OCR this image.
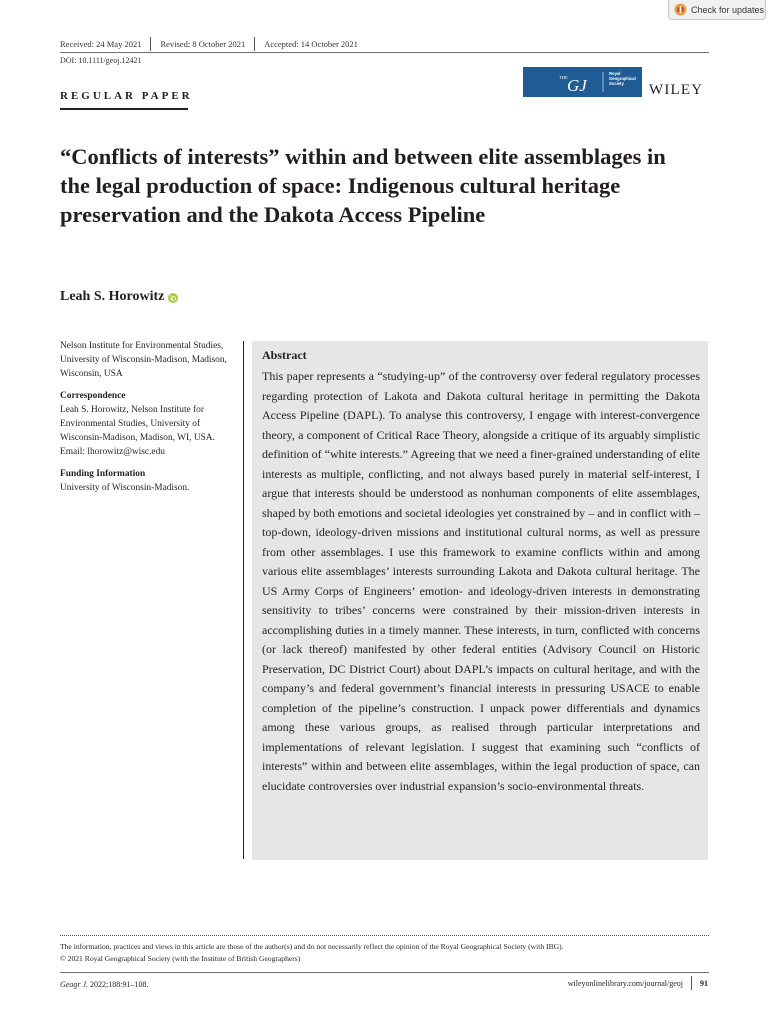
Check for updates
Received: 24 May 2021 Revised: 8 October 2021 Accepted: 14 October 2021
DOI: 10.1111/geoj.12421
THE GJ
Royal
Geographical
Society	WILEY
REGULAR PAPER
“Conflicts of interests” within and between elite assemblages in the legal production of space: Indigenous cultural heritage preservation and the Dakota Access Pipeline
Leah S. Horowitz

Nelson Institute for Environmental Studies, University of Wisconsin-Madison, Madison, Wisconsin, USA

Correspondence

Leah S. Horowitz, Nelson Institute for Environmental Studies, University of Wisconsin-Madison, Madison, WI, USA.

Email: lhorowitz@wisc.edu

Funding Information

University of Wisconsin-Madison.

Abstract

This paper represents a “studying-up” of the controversy over federal regulatory processes regarding protection of Lakota and Dakota cultural heritage in permitting the Dakota Access Pipeline (DAPL). To analyse this controversy, I engage with interest-convergence theory, a component of Critical Race Theory, alongside a critique of its arguably simplistic definition of “white interests.” Agreeing that we need a finer-grained understanding of elite interests as multiple, conflicting, and not always based purely in material self-interest, I argue that interests should be understood as nonhuman components of elite assemblages, shaped by both emotions and societal ideologies yet constrained by – and in conflict with – top-down, ideology-driven missions and institutional cultural norms, as well as pressure from other assemblages. I use this framework to examine conflicts within and among various elite assemblages’ interests surrounding Lakota and Dakota cultural heritage. The US Army Corps of Engineers’ emotion- and ideology-driven interests in demonstrating sensitivity to tribes’ concerns were constrained by their mission-driven interests in accomplishing duties in a timely manner. These interests, in turn, conflicted with concerns (or lack thereof) manifested by other federal entities (Advisory Council on Historic Preservation, DC District Court) about DAPL’s impacts on cultural heritage, and with the company’s and federal government’s financial interests in pressuring USACE to enable completion of the pipeline’s construction. I unpack power differentials and dynamics among these various groups, as realised through particular interpretations and implementations of relevant legislation. I suggest that examining such “conflicts of interests” within and between elite assemblages, within the legal production of space, can elucidate controversies over industrial expansion’s socio-environmental threats.

The information, practices and views in this article are those of the author(s) and do not necessarily reflect the opinion of the Royal Geographical Society (with IBG).

© 2021 Royal Geographical Society (with the Institute of British Geographers)

Geogr J. 2022;188:91–108.	wileyonlinelibrary.com/journal/geoj 91
